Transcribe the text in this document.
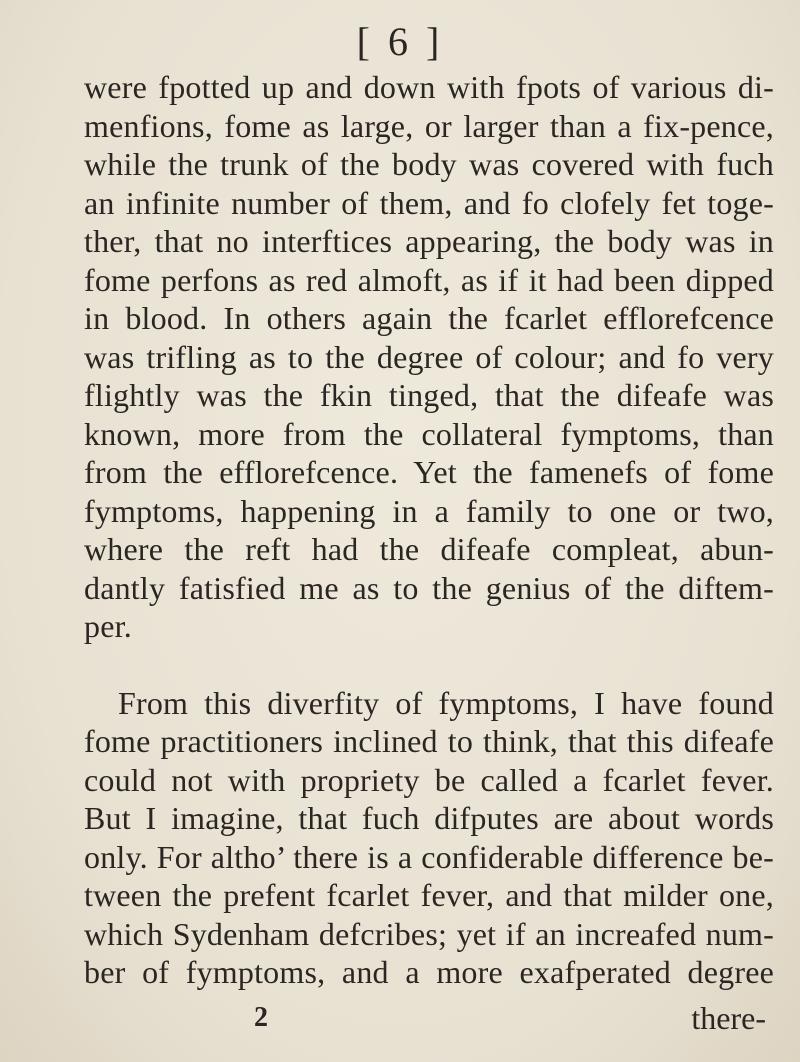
[ 6 ]
were fpotted up and down with fpots of various di-
menfions, fome as large, or larger than a fix-pence,
while the trunk of the body was covered with fuch
an infinite number of them, and fo clofely fet toge-
ther, that no interftices appearing, the body was in
fome perfons as red almoft, as if it had been dipped
in blood. In others again the fcarlet efflorefcence
was trifling as to the degree of colour; and fo very
flightly was the fkin tinged, that the difeafe was
known, more from the collateral fymptoms, than
from the efflorefcence. Yet the famenefs of fome
fymptoms, happening in a family to one or two,
where the reft had the difeafe compleat, abun-
dantly fatisfied me as to the genius of the diftem-
per.
From this diverfity of fymptoms, I have found
fome practitioners inclined to think, that this difeafe
could not with propriety be called a fcarlet fever.
But I imagine, that fuch difputes are about words
only. For altho’ there is a confiderable difference be-
tween the prefent fcarlet fever, and that milder one,
which Sydenham defcribes; yet if an increafed num-
ber of fymptoms, and a more exafperated degree
2	there-
